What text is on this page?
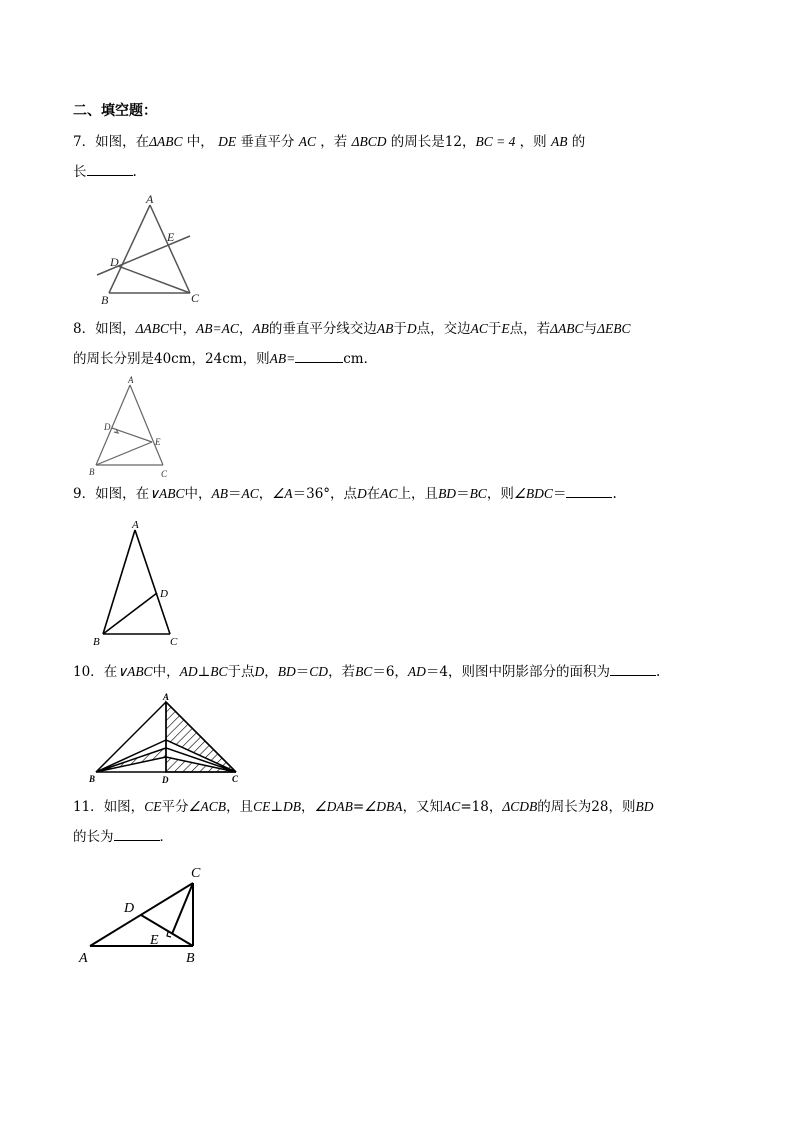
二、填空题：
7．如图，在ΔABC 中， DE 垂直平分 AC ，若 ΔBCD 的周长是12，BC = 4 ，则 AB 的
长	.
A
E
D
B	C
8．如图，ΔABC中，AB=AC，AB的垂直平分线交边AB于D点，交边AC于E点，若ΔABC与ΔEBC
的周长分别是40cm，24cm，则AB=	cm．
A
D
E
B	C
9．如图，在∨ABC中，AB＝AC，∠A＝36°，点D在AC上，且BD＝BC，则∠BDC＝	.
A
D
B	C
10．在∨ABC中，AD⊥BC于点D，BD＝CD，若BC＝6，AD＝4，则图中阴影部分的面积为	.
A
B	D	C
11．如图，CE平分∠ACB，且CE⊥DB，∠DAB=∠DBA，又知AC=18，ΔCDB的周长为28，则BD
的长为	．
C
D
E
A	B
